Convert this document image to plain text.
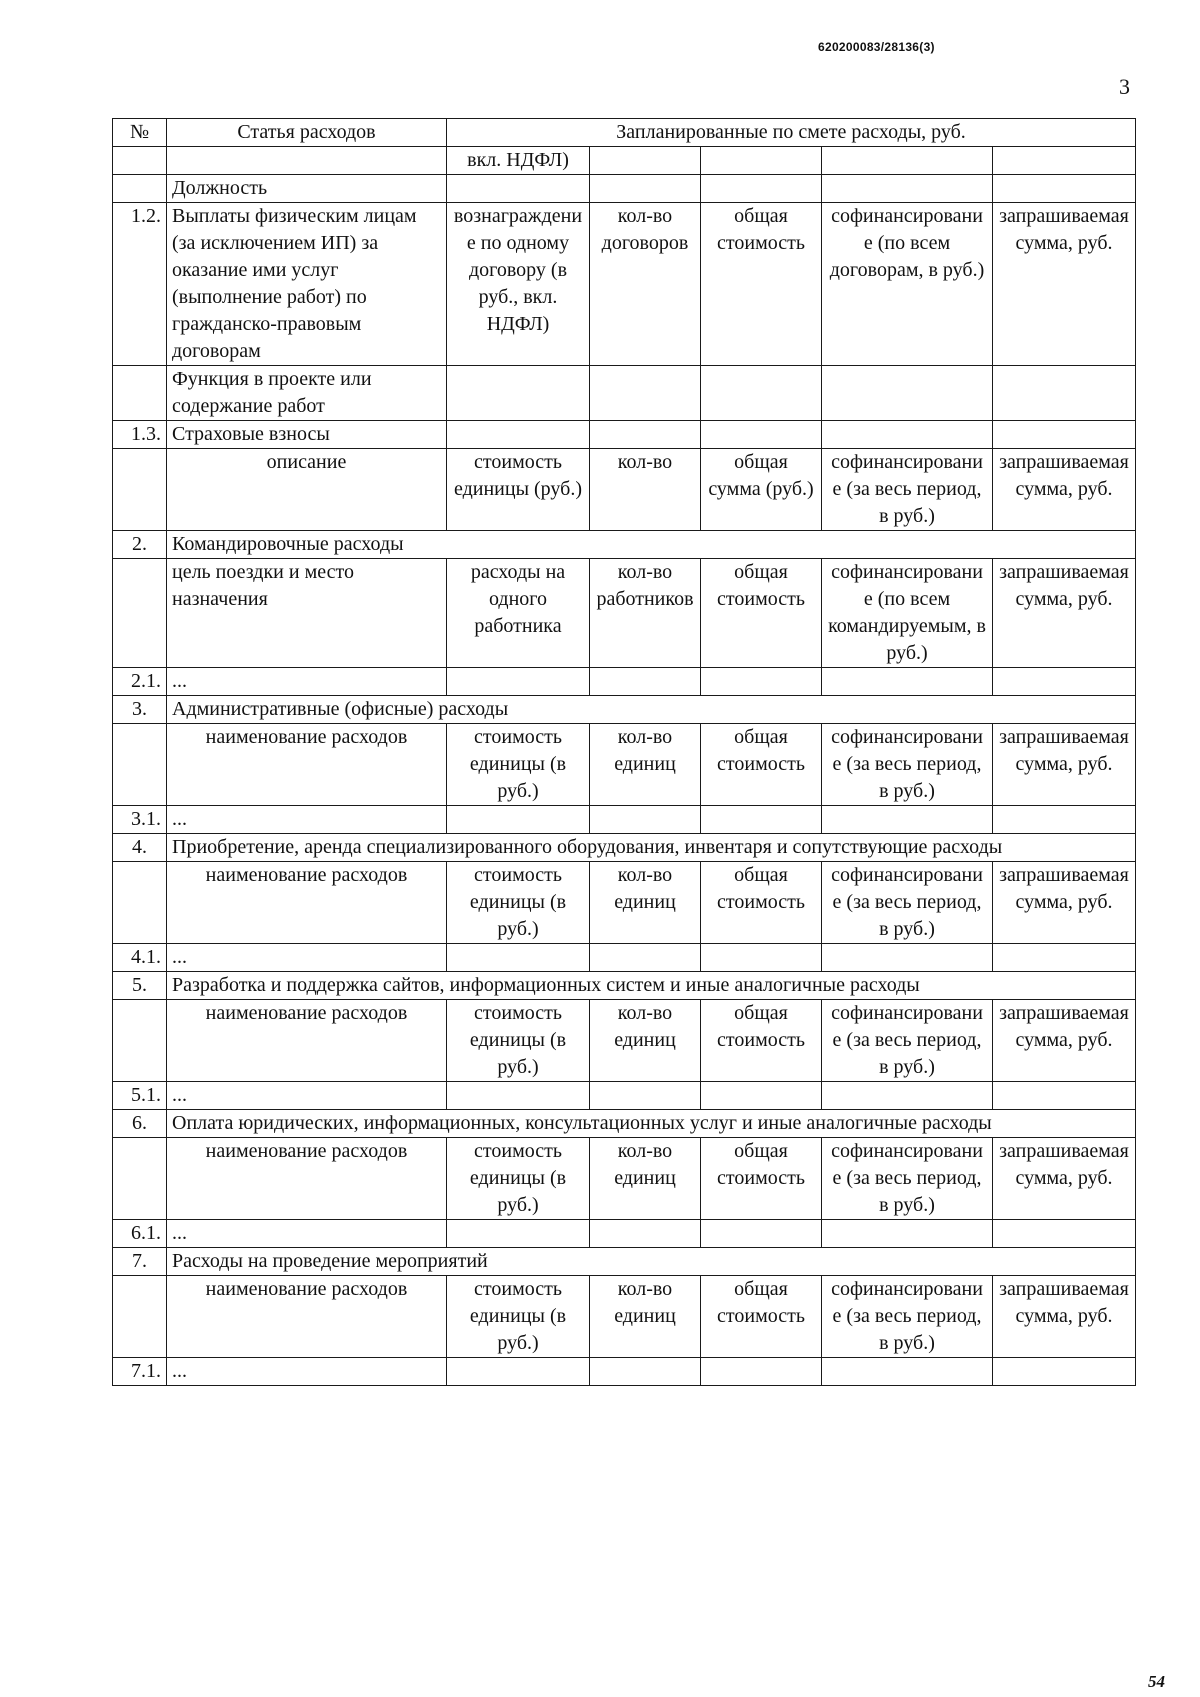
620200083/28136(3)
3
№	Статья расходов	Запланированные по смете расходы, руб.				
		вкл. НДФЛ)				
	Должность					
1.2.	Выплаты физическим лицам (за исключением ИП) за оказание ими услуг (выполнение работ) по гражданско-правовым договорам	вознаграждение по одному договору (в руб., вкл. НДФЛ)	кол-во договоров	общая стоимость	софинансирование (по всем договорам, в руб.)	запрашиваемая сумма, руб.
	Функция в проекте или содержание работ					
1.3.	Страховые взносы					
	описание	стоимость единицы (руб.)	кол-во	общая сумма (руб.)	софинансирование (за весь период, в руб.)	запрашиваемая сумма, руб.
2.	Командировочные расходы					
	цель поездки и место назначения	расходы на одного работника	кол-во работников	общая стоимость	софинансирование (по всем командируемым, в руб.)	запрашиваемая сумма, руб.
2.1.	...					
3.	Административные (офисные) расходы					
	наименование расходов	стоимость единицы (в руб.)	кол-во единиц	общая стоимость	софинансирование (за весь период, в руб.)	запрашиваемая сумма, руб.
3.1.	...					
4.	Приобретение, аренда специализированного оборудования, инвентаря и сопутствующие расходы					
	наименование расходов	стоимость единицы (в руб.)	кол-во единиц	общая стоимость	софинансирование (за весь период, в руб.)	запрашиваемая сумма, руб.
4.1.	...					
5.	Разработка и поддержка сайтов, информационных систем и иные аналогичные расходы					
	наименование расходов	стоимость единицы (в руб.)	кол-во единиц	общая стоимость	софинансирование (за весь период, в руб.)	запрашиваемая сумма, руб.
5.1.	...					
6.	Оплата юридических, информационных, консультационных услуг и иные аналогичные расходы					
	наименование расходов	стоимость единицы (в руб.)	кол-во единиц	общая стоимость	софинансирование (за весь период, в руб.)	запрашиваемая сумма, руб.
6.1.	...					
7.	Расходы на проведение мероприятий					
	наименование расходов	стоимость единицы (в руб.)	кол-во единиц	общая стоимость	софинансирование (за весь период, в руб.)	запрашиваемая сумма, руб.
7.1.	...					
54
